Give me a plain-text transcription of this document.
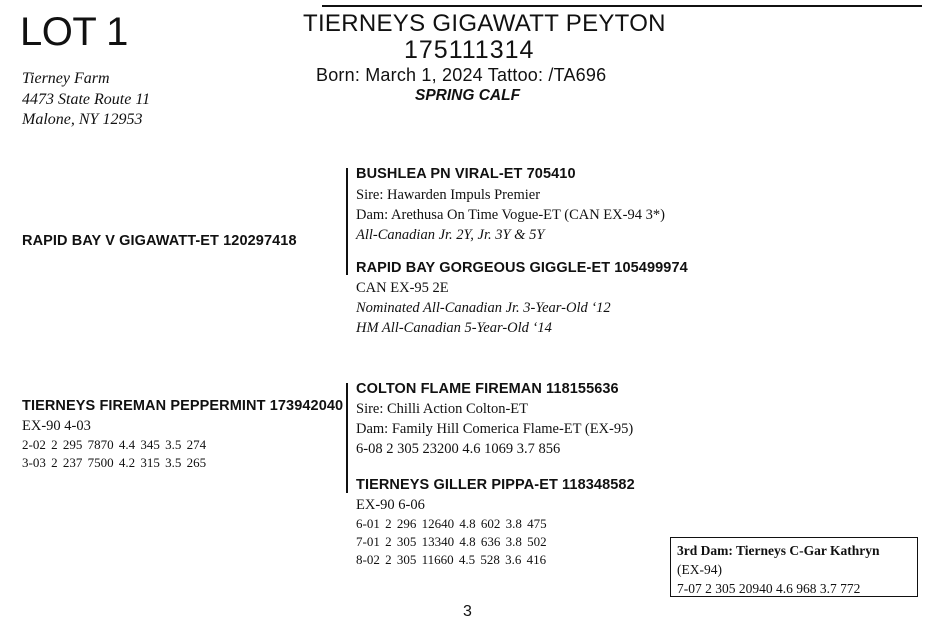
LOT 1	TIERNEYS GIGAWATT PEYTON
175111314
Born: March 1, 2024 Tattoo: /TA696
SPRING CALF
Tierney Farm
4473 State Route 11
Malone, NY 12953
RAPID BAY V GIGAWATT-ET 120297418
BUSHLEA PN VIRAL-ET 705410
Sire: Hawarden Impuls Premier
Dam: Arethusa On Time Vogue-ET (CAN EX-94 3*)
All-Canadian Jr. 2Y, Jr. 3Y & 5Y
RAPID BAY GORGEOUS GIGGLE-ET 105499974
CAN EX-95 2E
Nominated All-Canadian Jr. 3-Year-Old ‘12
HM All-Canadian 5-Year-Old ‘14
TIERNEYS FIREMAN PEPPERMINT 173942040
EX-90 4-03
2-02 2 295 7870 4.4 345 3.5 274
3-03 2 237 7500 4.2 315 3.5 265
COLTON FLAME FIREMAN 118155636
Sire: Chilli Action Colton-ET
Dam: Family Hill Comerica Flame-ET (EX-95)
6-08 2 305 23200 4.6 1069 3.7 856
TIERNEYS GILLER PIPPA-ET 118348582
EX-90 6-06
6-01 2 296 12640 4.8 602 3.8 475
7-01 2 305 13340 4.8 636 3.8 502
8-02 2 305 11660 4.5 528 3.6 416
3rd Dam: Tierneys C-Gar Kathryn
(EX-94)
7-07 2 305 20940 4.6 968 3.7 772
3
